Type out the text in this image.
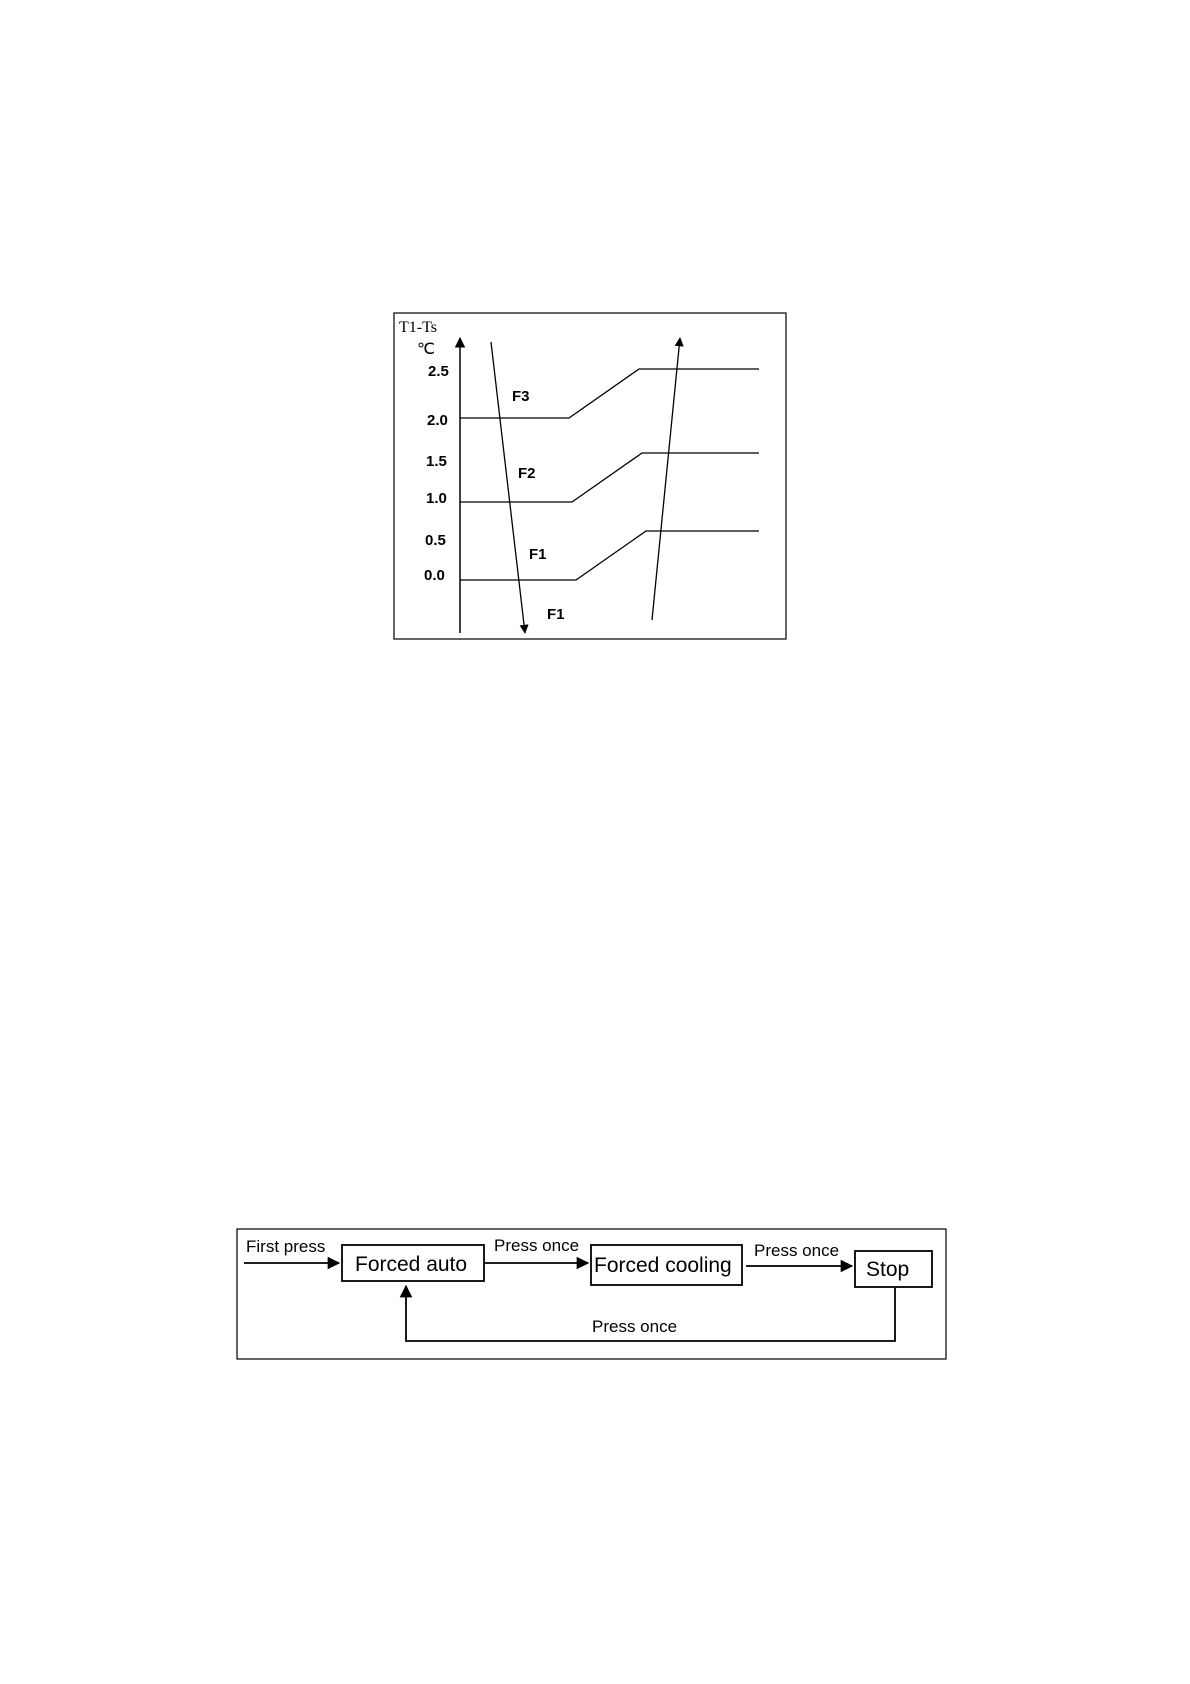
T1-Ts
℃
2.5
2.0
1.5
1.0
0.5
0.0
F3
F2
F1
F1
First press	Press once	Press once
Press once
Forced auto	Forced cooling	Stop
